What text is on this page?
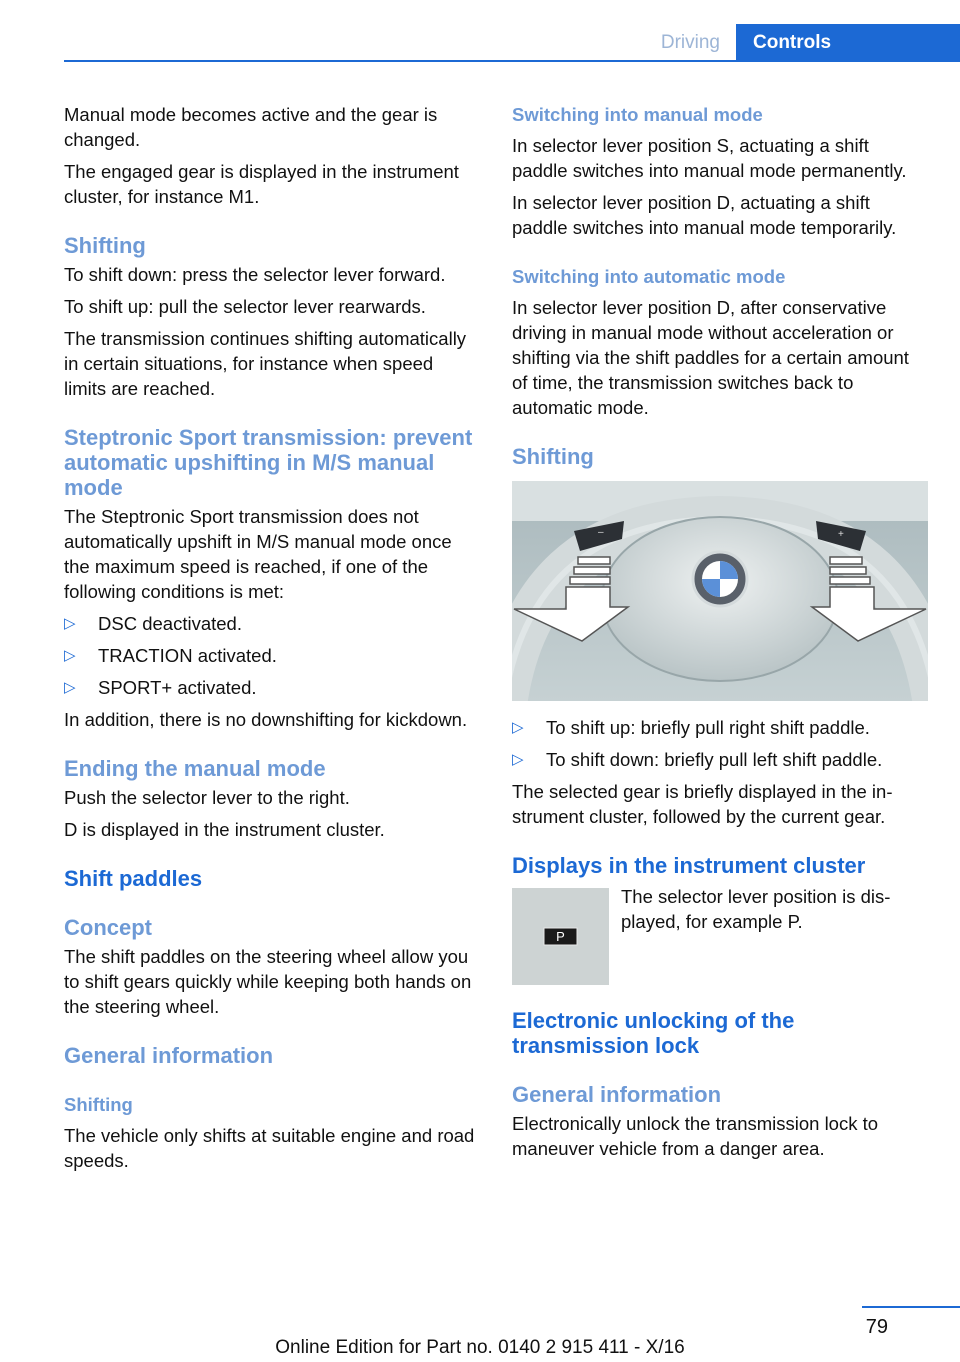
Driving	Controls

Manual mode becomes active and the gear is changed.

The engaged gear is displayed in the instrument cluster, for instance M1.

Shifting

To shift down: press the selector lever forward.

To shift up: pull the selector lever rearwards.

The transmission continues shifting automatically in certain situations, for instance when speed limits are reached.

Steptronic Sport transmission: prevent automatic upshifting in M/S manual mode

The Steptronic Sport transmission does not automatically upshift in M/S manual mode once the maximum speed is reached, if one of the following conditions is met:

▷ DSC deactivated.
▷ TRACTION activated.
▷ SPORT+ activated.

In addition, there is no downshifting for kickdown.

Ending the manual mode

Push the selector lever to the right.

D is displayed in the instrument cluster.

Shift paddles
Concept

The shift paddles on the steering wheel allow you to shift gears quickly while keeping both hands on the steering wheel.

General information
Shifting

The vehicle only shifts at suitable engine and road speeds.

Switching into manual mode

In selector lever position S, actuating a shift paddle switches into manual mode permanently.

In selector lever position D, actuating a shift paddle switches into manual mode temporarily.

Switching into automatic mode

In selector lever position D, after conservative driving in manual mode without acceleration or shifting via the shift paddles for a certain amount of time, the transmission switches back to automatic mode.

Shifting
–	+
▷ To shift up: briefly pull right shift paddle.
▷ To shift down: briefly pull left shift paddle.

The selected gear is briefly displayed in the instrument cluster, followed by the current gear.

Displays in the instrument cluster
P

The selector lever position is displayed, for example P.

Electronic unlocking of the transmission lock
General information

Electronically unlock the transmission lock to maneuver vehicle from a danger area.

79
Online Edition for Part no. 0140 2 915 411 - X/16
